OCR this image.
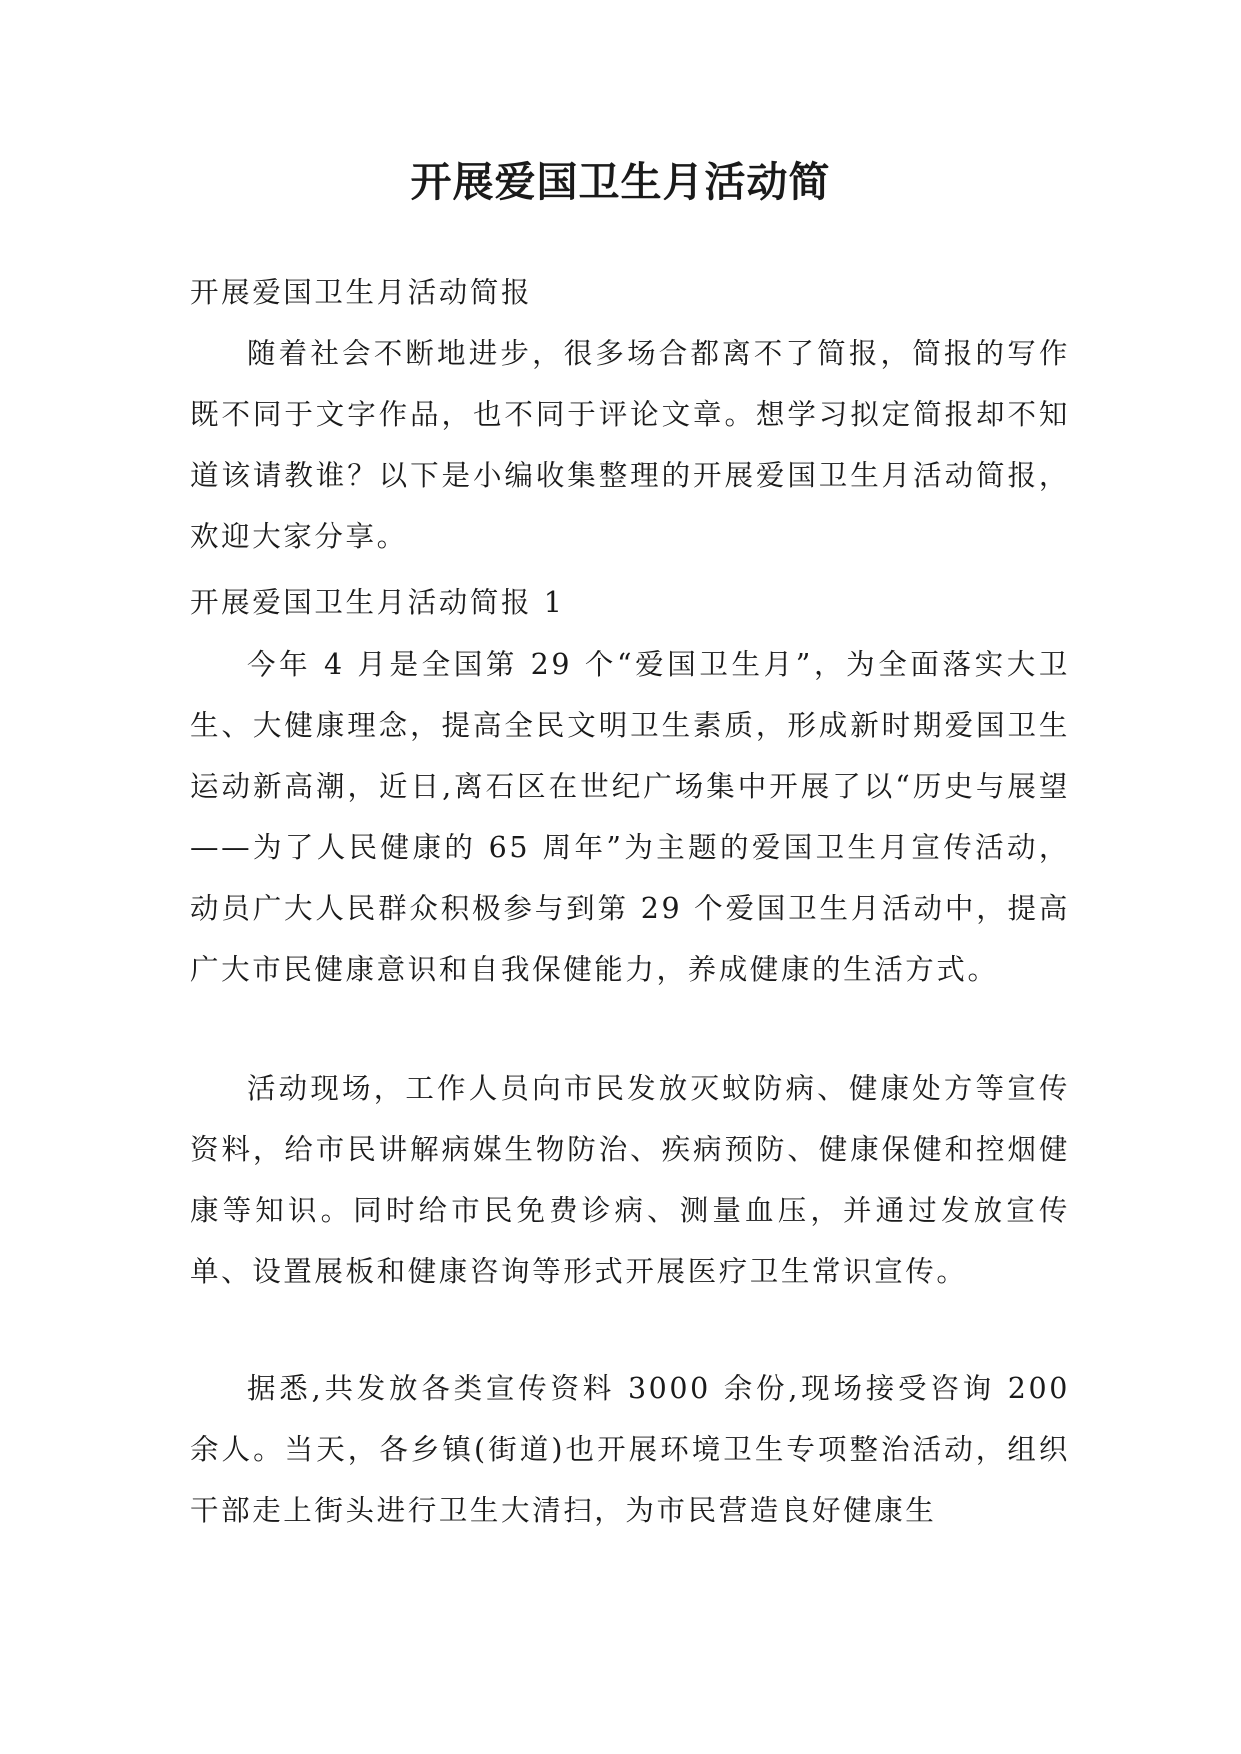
开展爱国卫生月活动简

开展爱国卫生月活动简报

随着社会不断地进步，很多场合都离不了简报，简报的写作既不同于文字作品，也不同于评论文章。想学习拟定简报却不知道该请教谁？以下是小编收集整理的开展爱国卫生月活动简报，欢迎大家分享。

开展爱国卫生月活动简报 1

今年 4 月是全国第 29 个“爱国卫生月”，为全面落实大卫生、大健康理念，提高全民文明卫生素质，形成新时期爱国卫生运动新高潮，近日,离石区在世纪广场集中开展了以“历史与展望——为了人民健康的 65 周年”为主题的爱国卫生月宣传活动，动员广大人民群众积极参与到第 29 个爱国卫生月活动中，提高广大市民健康意识和自我保健能力，养成健康的生活方式。

活动现场，工作人员向市民发放灭蚊防病、健康处方等宣传资料，给市民讲解病媒生物防治、疾病预防、健康保健和控烟健康等知识。同时给市民免费诊病、测量血压，并通过发放宣传单、设置展板和健康咨询等形式开展医疗卫生常识宣传。

据悉,共发放各类宣传资料 3000 余份,现场接受咨询 200 余人。当天，各乡镇(街道)也开展环境卫生专项整治活动，组织干部走上街头进行卫生大清扫，为市民营造良好健康生
